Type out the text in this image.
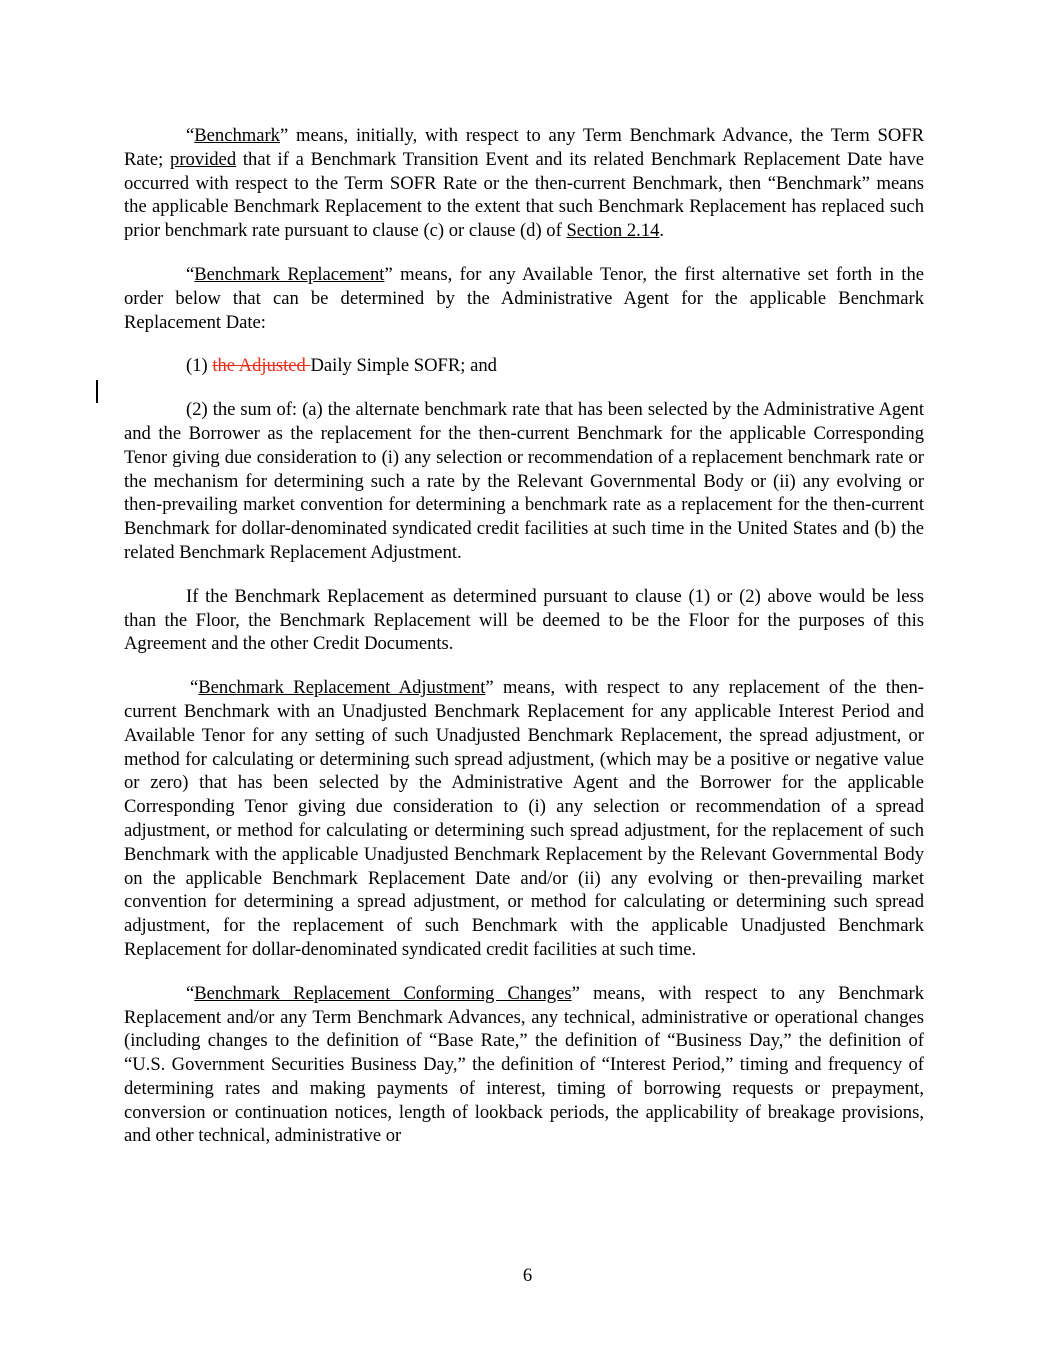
“Benchmark” means, initially, with respect to any Term Benchmark Advance, the Term SOFR Rate; provided that if a Benchmark Transition Event and its related Benchmark Replacement Date have occurred with respect to the Term SOFR Rate or the then-current Benchmark, then “Benchmark” means the applicable Benchmark Replacement to the extent that such Benchmark Replacement has replaced such prior benchmark rate pursuant to clause (c) or clause (d) of Section 2.14.

“Benchmark Replacement” means, for any Available Tenor, the first alternative set forth in the order below that can be determined by the Administrative Agent for the applicable Benchmark Replacement Date:

(1) the Adjusted Daily Simple SOFR; and

(2) the sum of: (a) the alternate benchmark rate that has been selected by the Administrative Agent and the Borrower as the replacement for the then-current Benchmark for the applicable Corresponding Tenor giving due consideration to (i) any selection or recommendation of a replacement benchmark rate or the mechanism for determining such a rate by the Relevant Governmental Body or (ii) any evolving or then-prevailing market convention for determining a benchmark rate as a replacement for the then-current Benchmark for dollar-denominated syndicated credit facilities at such time in the United States and (b) the related Benchmark Replacement Adjustment.

If the Benchmark Replacement as determined pursuant to clause (1) or (2) above would be less than the Floor, the Benchmark Replacement will be deemed to be the Floor for the purposes of this Agreement and the other Credit Documents.

“Benchmark Replacement Adjustment” means, with respect to any replacement of the then-current Benchmark with an Unadjusted Benchmark Replacement for any applicable Interest Period and Available Tenor for any setting of such Unadjusted Benchmark Replacement, the spread adjustment, or method for calculating or determining such spread adjustment, (which may be a positive or negative value or zero) that has been selected by the Administrative Agent and the Borrower for the applicable Corresponding Tenor giving due consideration to (i) any selection or recommendation of a spread adjustment, or method for calculating or determining such spread adjustment, for the replacement of such Benchmark with the applicable Unadjusted Benchmark Replacement by the Relevant Governmental Body on the applicable Benchmark Replacement Date and/or (ii) any evolving or then-prevailing market convention for determining a spread adjustment, or method for calculating or determining such spread adjustment, for the replacement of such Benchmark with the applicable Unadjusted Benchmark Replacement for dollar-denominated syndicated credit facilities at such time.

“Benchmark Replacement Conforming Changes” means, with respect to any Benchmark Replacement and/or any Term Benchmark Advances, any technical, administrative or operational changes (including changes to the definition of “Base Rate,” the definition of “Business Day,” the definition of “U.S. Government Securities Business Day,” the definition of “Interest Period,” timing and frequency of determining rates and making payments of interest, timing of borrowing requests or prepayment, conversion or continuation notices, length of lookback periods, the applicability of breakage provisions, and other technical, administrative or

6
